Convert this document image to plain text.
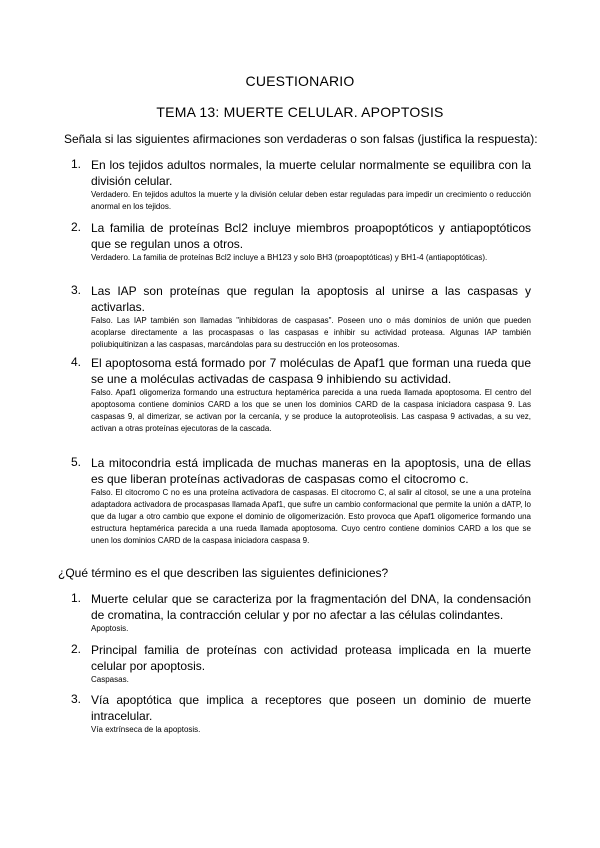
CUESTIONARIO
TEMA 13: MUERTE CELULAR. APOPTOSIS
Señala si las siguientes afirmaciones son verdaderas o son falsas (justifica la respuesta):
1. En los tejidos adultos normales, la muerte celular normalmente se equilibra con la división celular.
Verdadero. En tejidos adultos la muerte y la división celular deben estar reguladas para impedir un crecimiento o reducción anormal en los tejidos.
2. La familia de proteínas Bcl2 incluye miembros proapoptóticos y antiapoptóticos que se regulan unos a otros.
Verdadero. La familia de proteínas Bcl2 incluye a BH123 y solo BH3 (proapoptóticas) y BH1-4 (antiapoptóticas).
3. Las IAP son proteínas que regulan la apoptosis al unirse a las caspasas y activarlas.
Falso. Las IAP también son llamadas "inhibidoras de caspasas". Poseen uno o más dominios de unión que pueden acoplarse directamente a las procaspasas o las caspasas e inhibir su actividad proteasa. Algunas IAP también poliubiquitinizan a las caspasas, marcándolas para su destrucción en los proteosomas.
4. El apoptosoma está formado por 7 moléculas de Apaf1 que forman una rueda que se une a moléculas activadas de caspasa 9 inhibiendo su actividad.
Falso. Apaf1 oligomeriza formando una estructura heptamérica parecida a una rueda llamada apoptosoma. El centro del apoptosoma contiene dominios CARD a los que se unen los dominios CARD de la caspasa iniciadora caspasa 9. Las caspasas 9, al dimerizar, se activan por la cercanía, y se produce la autoproteolisis. Las caspasa 9 activadas, a su vez, activan a otras proteínas ejecutoras de la cascada.
5. La mitocondria está implicada de muchas maneras en la apoptosis, una de ellas es que liberan proteínas activadoras de caspasas como el citocromo c.
Falso. El citocromo C no es una proteína activadora de caspasas. El citocromo C, al salir al citosol, se une a una proteína adaptadora activadora de procaspasas llamada Apaf1, que sufre un cambio conformacional que permite la unión a dATP, lo que da lugar a otro cambio que expone el dominio de oligomerización. Esto provoca que Apaf1 oligomerice formando una estructura heptamérica parecida a una rueda llamada apoptosoma. Cuyo centro contiene dominios CARD a los que se unen los dominios CARD de la caspasa iniciadora caspasa 9.
¿Qué término es el que describen las siguientes definiciones?
1. Muerte celular que se caracteriza por la fragmentación del DNA, la condensación de cromatina, la contracción celular y por no afectar a las células colindantes.
Apoptosis.
2. Principal familia de proteínas con actividad proteasa implicada en la muerte celular por apoptosis.
Caspasas.
3. Vía apoptótica que implica a receptores que poseen un dominio de muerte intracelular.
Vía extrínseca de la apoptosis.
